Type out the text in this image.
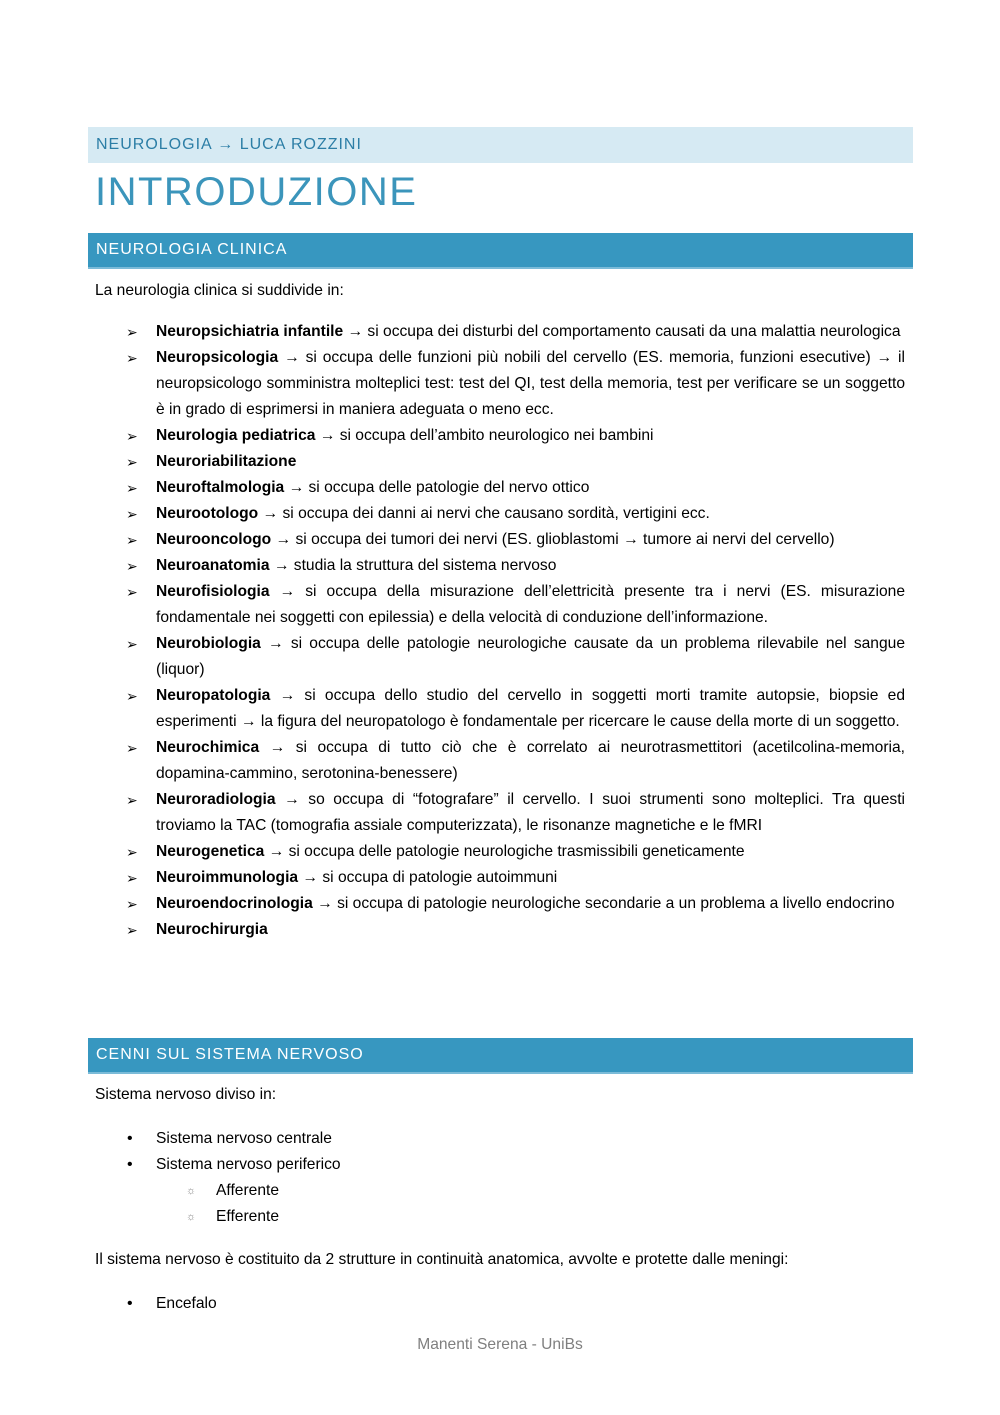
NEUROLOGIA → LUCA ROZZINI
INTRODUZIONE
NEUROLOGIA CLINICA

La neurologia clinica si suddivide in:

➢ Neuropsichiatria infantile → si occupa dei disturbi del comportamento causati da una malattia neurologica
➢ Neuropsicologia → si occupa delle funzioni più nobili del cervello (ES. memoria, funzioni esecutive) → il neuropsicologo somministra molteplici test: test del QI, test della memoria, test per verificare se un soggetto è in grado di esprimersi in maniera adeguata o meno ecc.
➢ Neurologia pediatrica → si occupa dell’ambito neurologico nei bambini
➢ Neuroriabilitazione
➢ Neuroftalmologia → si occupa delle patologie del nervo ottico
➢ Neurootologo → si occupa dei danni ai nervi che causano sordità, vertigini ecc.
➢ Neurooncologo → si occupa dei tumori dei nervi (ES. glioblastomi → tumore ai nervi del cervello)
➢ Neuroanatomia → studia la struttura del sistema nervoso
➢ Neurofisiologia → si occupa della misurazione dell’elettricità presente tra i nervi (ES. misurazione fondamentale nei soggetti con epilessia) e della velocità di conduzione dell’informazione.
➢ Neurobiologia → si occupa delle patologie neurologiche causate da un problema rilevabile nel sangue (liquor)
➢ Neuropatologia → si occupa dello studio del cervello in soggetti morti tramite autopsie, biopsie ed esperimenti → la figura del neuropatologo è fondamentale per ricercare le cause della morte di un soggetto.
➢ Neurochimica → si occupa di tutto ciò che è correlato ai neurotrasmettitori (acetilcolina-memoria, dopamina-cammino, serotonina-benessere)
➢ Neuroradiologia → so occupa di “fotografare” il cervello. I suoi strumenti sono molteplici. Tra questi troviamo la TAC (tomografia assiale computerizzata), le risonanze magnetiche e le fMRI
➢ Neurogenetica → si occupa delle patologie neurologiche trasmissibili geneticamente
➢ Neuroimmunologia → si occupa di patologie autoimmuni
➢ Neuroendocrinologia → si occupa di patologie neurologiche secondarie a un problema a livello endocrino
➢ Neurochirurgia
CENNI SUL SISTEMA NERVOSO

Sistema nervoso diviso in:

• Sistema nervoso centrale
• Sistema nervoso periferico
☼ Afferente
☼ Efferente

Il sistema nervoso è costituito da 2 strutture in continuità anatomica, avvolte e protette dalle meningi:

• Encefalo
Manenti Serena - UniBs
